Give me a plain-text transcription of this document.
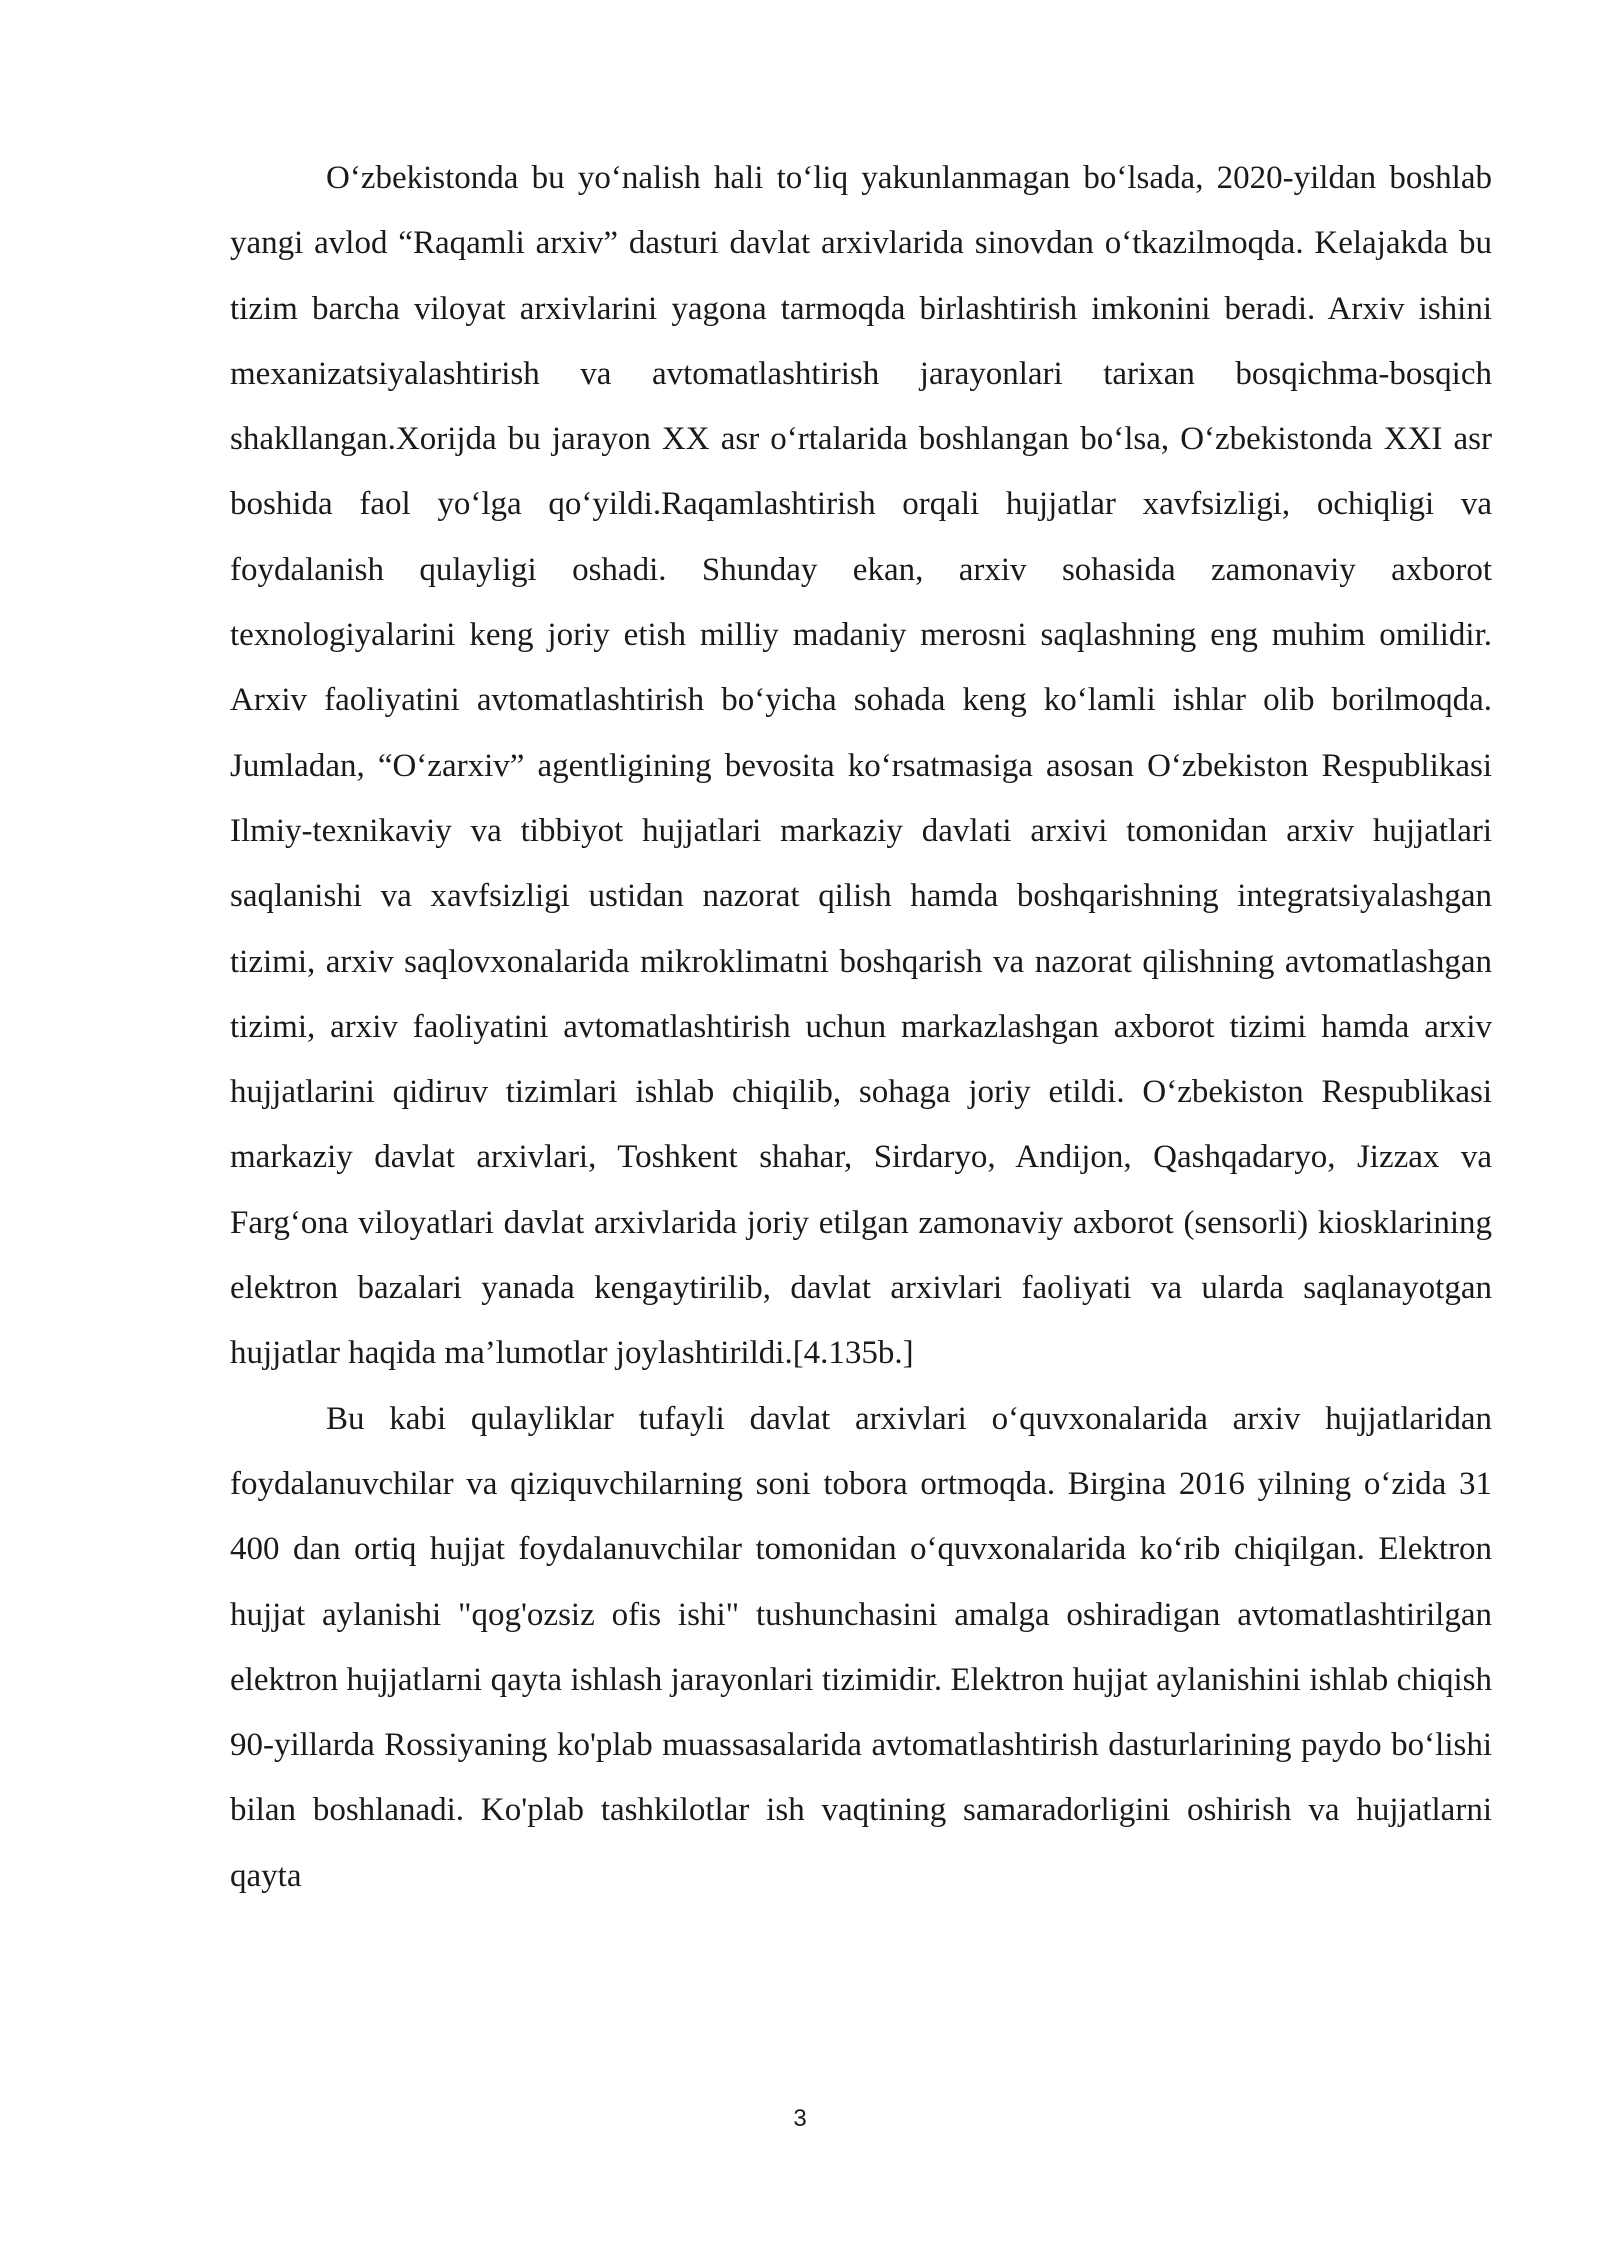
O‘zbekistonda bu yo‘nalish hali to‘liq yakunlanmagan bo‘lsada, 2020-yildan boshlab yangi avlod “Raqamli arxiv” dasturi davlat arxivlarida sinovdan o‘tkazilmoqda. Kelajakda bu tizim barcha viloyat arxivlarini yagona tarmoqda birlashtirish imkonini beradi. Arxiv ishini mexanizatsiyalashtirish va avtomatlashtirish jarayonlari tarixan bosqichma-bosqich shakllangan.Xorijda bu jarayon XX asr o‘rtalarida boshlangan bo‘lsa, O‘zbekistonda XXI asr boshida faol yo‘lga qo‘yildi.Raqamlashtirish orqali hujjatlar xavfsizligi, ochiqligi va foydalanish qulayligi oshadi. Shunday ekan, arxiv sohasida zamonaviy axborot texnologiyalarini keng joriy etish milliy madaniy merosni saqlashning eng muhim omilidir. Arxiv faoliyatini avtomatlashtirish bo‘yicha sohada keng ko‘lamli ishlar olib borilmoqda. Jumladan, “O‘zarxiv” agentligining bevosita ko‘rsatmasiga asosan O‘zbekiston Respublikasi Ilmiy-texnikaviy va tibbiyot hujjatlari markaziy davlati arxivi tomonidan arxiv hujjatlari saqlanishi va xavfsizligi ustidan nazorat qilish hamda boshqarishning integratsiyalashgan tizimi, arxiv saqlovxonalarida mikroklimatni boshqarish va nazorat qilishning avtomatlashgan tizimi, arxiv faoliyatini avtomatlashtirish uchun markazlashgan axborot tizimi hamda arxiv hujjatlarini qidiruv tizimlari ishlab chiqilib, sohaga joriy etildi. O‘zbekiston Respublikasi markaziy davlat arxivlari, Toshkent shahar, Sirdaryo, Andijon, Qashqadaryo, Jizzax va Farg‘ona viloyatlari davlat arxivlarida joriy etilgan zamonaviy axborot (sensorli) kiosklarining elektron bazalari yanada kengaytirilib, davlat arxivlari faoliyati va ularda saqlanayotgan hujjatlar haqida ma’lumotlar joylashtirildi.[4.135b.]

Bu kabi qulayliklar tufayli davlat arxivlari o‘quvxonalarida arxiv hujjatlaridan foydalanuvchilar va qiziquvchilarning soni tobora ortmoqda. Birgina 2016 yilning o‘zida 31 400 dan ortiq hujjat foydalanuvchilar tomonidan o‘quvxonalarida ko‘rib chiqilgan. Elektron hujjat aylanishi "qog'ozsiz ofis ishi" tushunchasini amalga oshiradigan avtomatlashtirilgan elektron hujjatlarni qayta ishlash jarayonlari tizimidir. Elektron hujjat aylanishini ishlab chiqish 90-yillarda Rossiyaning ko'plab muassasalarida avtomatlashtirish dasturlarining paydo bo‘lishi bilan boshlanadi. Ko'plab tashkilotlar ish vaqtining samaradorligini oshirish va hujjatlarni qayta

3
